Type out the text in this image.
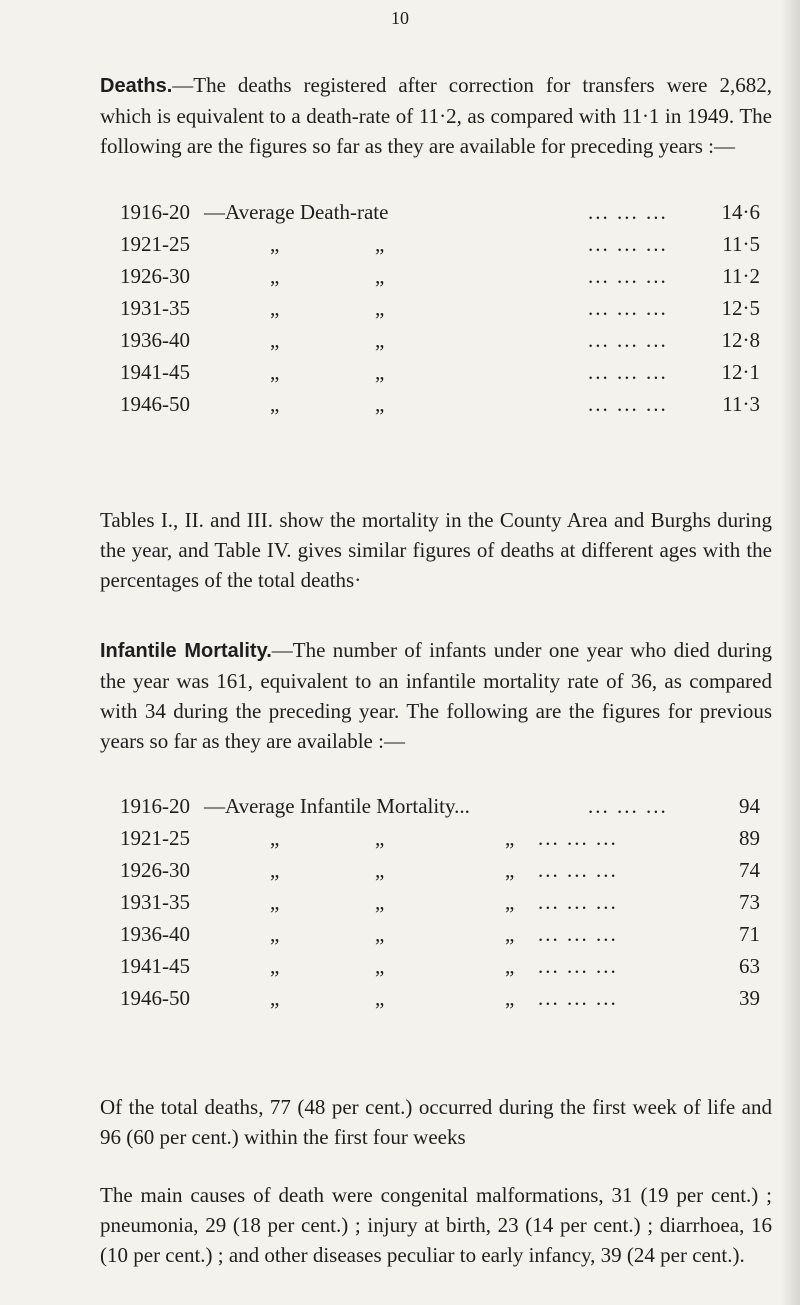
10

Deaths.—The deaths registered after correction for transfers were 2,682, which is equivalent to a death-rate of 11·2, as compared with 11·1 in 1949. The following are the figures so far as they are available for preceding years :—

1916-20 —Average Death-rate	... ... ...	14·6
1921-25	„	„	... ... ...	11·5
1926-30	„	„	... ... ...	11·2
1931-35	„	„	... ... ...	12·5
1936-40	„	„	... ... ...	12·8
1941-45	„	„	... ... ...	12·1
1946-50	„	„	... ... ...	11·3

Tables I., II. and III. show the mortality in the County Area and Burghs during the year, and Table IV. gives similar figures of deaths at different ages with the percentages of the total deaths·

Infantile Mortality.—The number of infants under one year who died during the year was 161, equivalent to an infantile mortality rate of 36, as compared with 34 during the preceding year. The following are the figures for previous years so far as they are available :—

1916-20 —Average Infantile Mortality...	... ... ...	94
1921-25	„	„	„ ... ... ...	89
1926-30	„	„	„ ... ... ...	74
1931-35	„	„	„ ... ... ...	73
1936-40	„	„	„ ... ... ...	71
1941-45	„	„	„ ... ... ...	63
1946-50	„	„	„ ... ... ...	39

Of the total deaths, 77 (48 per cent.) occurred during the first week of life and 96 (60 per cent.) within the first four weeks

The main causes of death were congenital malformations, 31 (19 per cent.) ; pneumonia, 29 (18 per cent.) ; injury at birth, 23 (14 per cent.) ; diarrhoea, 16 (10 per cent.) ; and other diseases peculiar to early infancy, 39 (24 per cent.).
